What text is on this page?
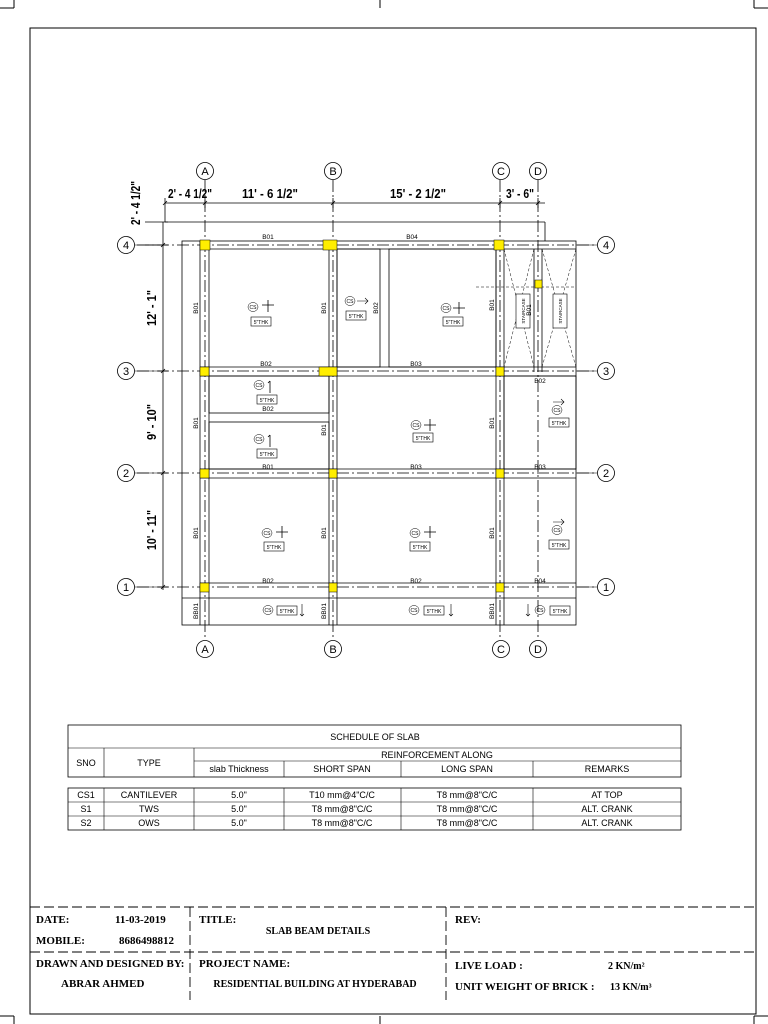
STAIRCASE	STAIRCASE
A	B	C	D
A	B	C	D
4
3
2
1
4
3
2
1
2' - 4 1/2" 11' - 6 1/2"	15' - 2 1/2"	3' - 6"
12' - 1"
9' - 10"
10' - 11"
2' - 4 1/2"
B01	B04
B02	B03
B02
B01	B03
B02	B02
B02
B03
B04
B01	B01	B02	B01	B01
B01
B01
B01
B01	B01	B01
BB01	BB01	BB01
CS
5"THK
CS
5"THK
CS
5"THK
CS
5"THK
CS
5"THK
CS
5"THK
CS
5"THK
CS
5"THK
CS
5"THK
CS
5"THK
CS 5"THK	CS 5"THK	CS 5"THK
SCHEDULE OF SLAB
SNO	TYPE
REINFORCEMENT ALONG
slab Thickness	SHORT SPAN	LONG SPAN	REMARKS
CS1	CANTILEVER	5.0"	T10 mm@4"C/C	T8 mm@8"C/C	AT TOP
S1	TWS	5.0"	T8 mm@8"C/C	T8 mm@8"C/C	ALT. CRANK
S2	OWS	5.0"	T8 mm@8"C/C	T8 mm@8"C/C	ALT. CRANK
DATE:	11-03-2019
MOBILE:	8686498812
TITLE:
SLAB BEAM DETAILS
REV:
DRAWN AND DESIGNED BY:
ABRAR AHMED
PROJECT NAME:
RESIDENTIAL BUILDING AT HYDERABAD
LIVE LOAD :	2 KN/m²
UNIT WEIGHT OF BRICK : 13 KN/m³
